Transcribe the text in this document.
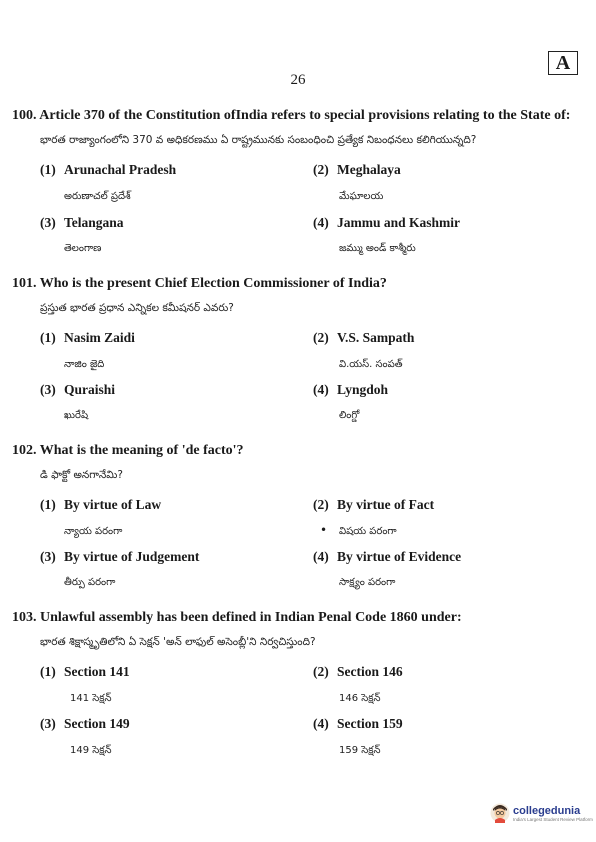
A
26
100. Article 370 of the Constitution ofIndia refers to special provisions relating to the State of:
భారత రాజ్యాంగంలోని 370 వ అధికరణము ఏ రాష్ట్రమునకు సంబంధించి ప్రత్యేక నిబంధనలు కలిగియున్నది?
(1) Arunachal Pradesh
అరుణాచల్ ప్రదేశ్
(2) Meghalaya
మేఘాలయ
(3) Telangana
తెలంగాణ
(4) Jammu and Kashmir
జమ్ము అండ్ కాశ్మీరు
101. Who is the present Chief Election Commissioner of India?
ప్రస్తుత భారత ప్రధాన ఎన్నికల కమీషనర్ ఎవరు?
(1) Nasim Zaidi
నాజిం జైది
(2) V.S. Sampath
వి.యస్. సంపత్
(3) Quraishi
ఖురేషి
(4) Lyngdoh
లింగ్డో
102. What is the meaning of 'de facto'?
డి ఫాక్టో అనగానేమి?
(1) By virtue of Law
న్యాయ పరంగా
(2) By virtue of Fact
• విషయ పరంగా
(3) By virtue of Judgement
తీర్పు పరంగా
(4) By virtue of Evidence
సాక్ష్యం పరంగా
103. Unlawful assembly has been defined in Indian Penal Code 1860 under:
భారత శిక్షాస్మృతిలోని ఏ సెక్షన్ 'అన్ లాఫుల్ అసెంబ్లీ'ని నిర్వచిస్తుంది?
(1) Section 141
141 సెక్షన్
(2) Section 146
146 సెక్షన్
(3) Section 149
149 సెక్షన్
(4) Section 159
159 సెక్షన్
collegedunia
India's Largest Student Review Platform
